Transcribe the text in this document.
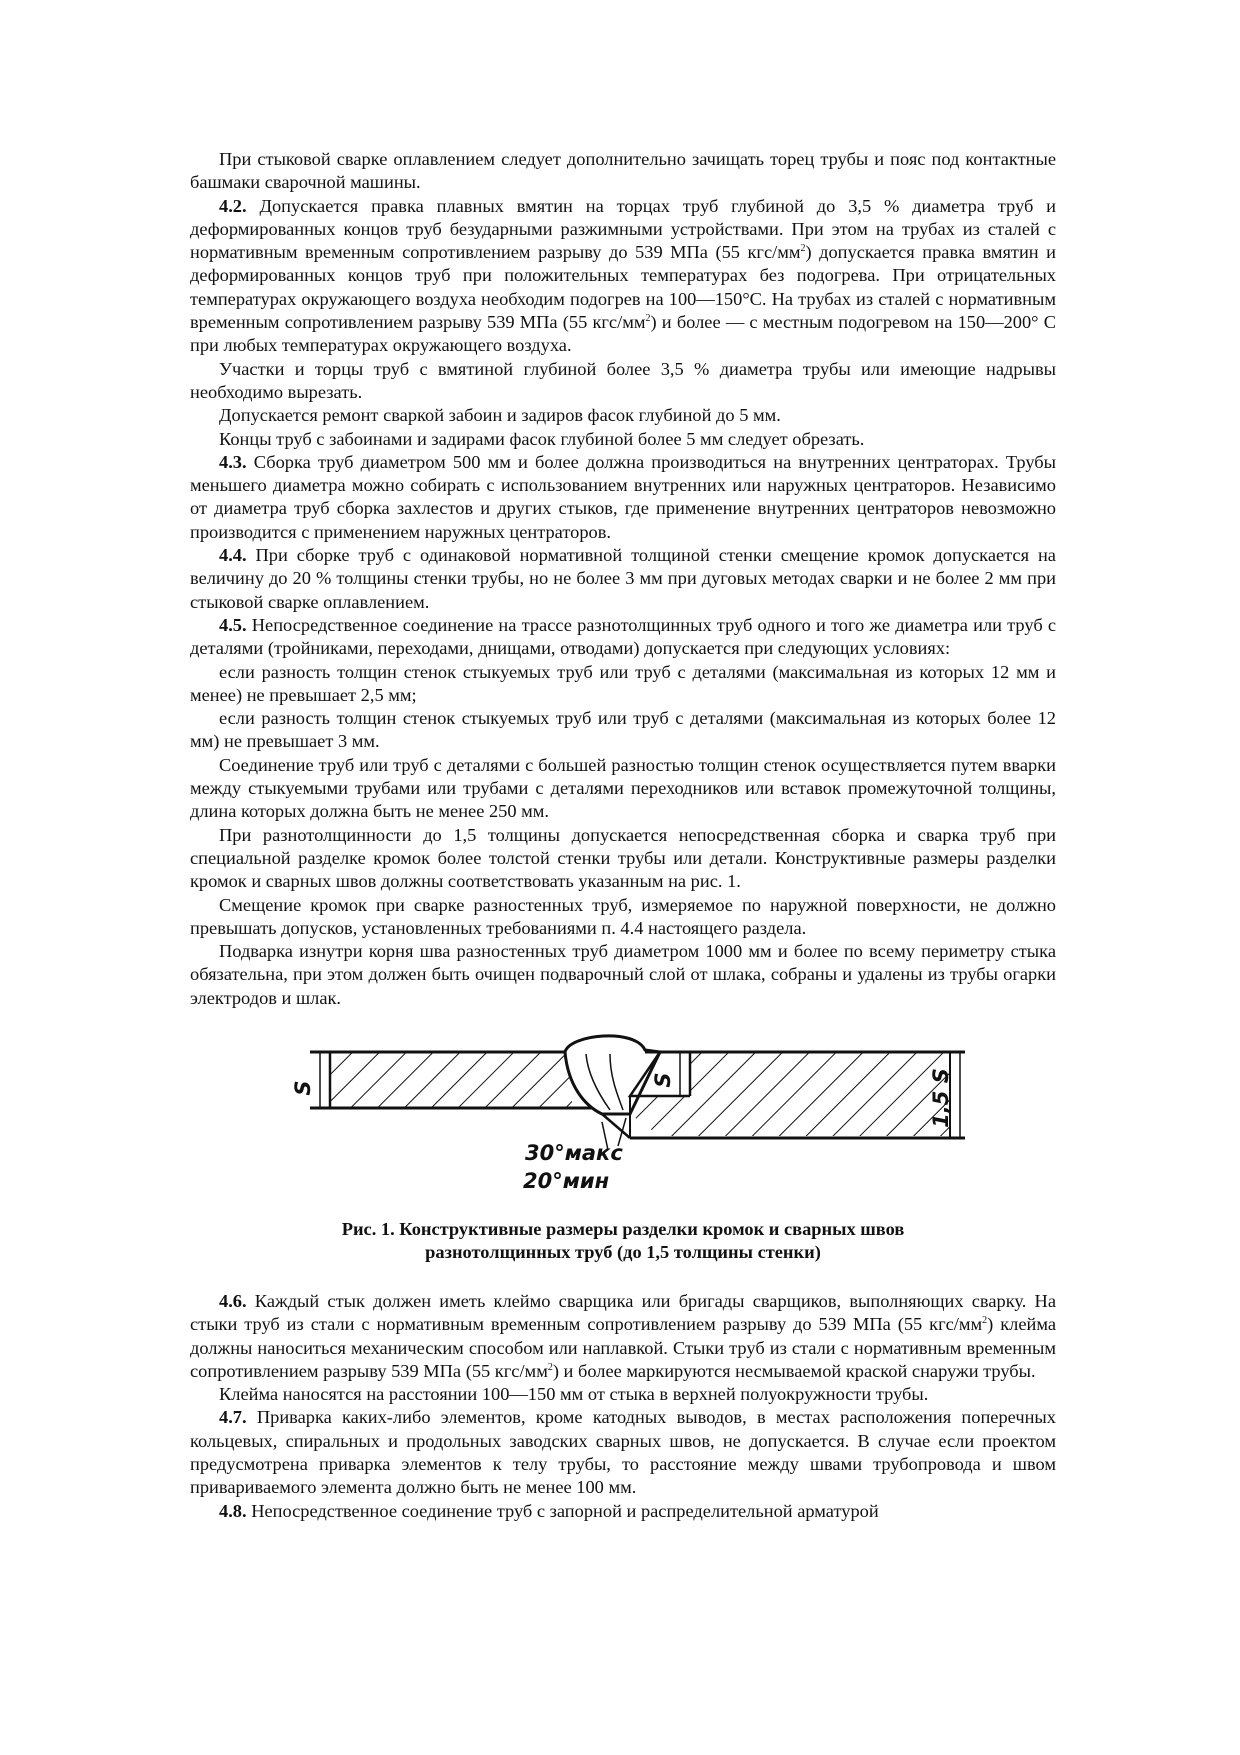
При стыковой сварке оплавлением следует дополнительно зачищать торец трубы и пояс под контактные башмаки сварочной машины.

4.2. Допускается правка плавных вмятин на торцах труб глубиной до 3,5 % диаметра труб и деформированных концов труб безударными разжимными устройствами. При этом на трубах из сталей с нормативным временным сопротивлением разрыву до 539 МПа (55 кгс/$мм^2$) допускается правка вмятин и деформированных концов труб при положительных температурах без подогрева. При отрицательных температурах окружающего воздуха необходим подогрев на 100—150°С. На трубах из сталей с нормативным временным сопротивлением разрыву 539 МПа (55 кгс/$мм^2$) и более — с местным подогревом на 150—200° С при любых температурах окружающего воздуха.

Участки и торцы труб с вмятиной глубиной более 3,5 % диаметра трубы или имеющие надрывы необходимо вырезать.

Допускается ремонт сваркой забоин и задиров фасок глубиной до 5 мм.

Концы труб с забоинами и задирами фасок глубиной более 5 мм следует обрезать.

4.3. Сборка труб диаметром 500 мм и более должна производиться на внутренних центраторах. Трубы меньшего диаметра можно собирать с использованием внутренних или наружных центраторов. Независимо от диаметра труб сборка захлестов и других стыков, где применение внутренних центраторов невозможно производится с применением наружных центраторов.

4.4. При сборке труб с одинаковой нормативной толщиной стенки смещение кромок допускается на величину до 20 % толщины стенки трубы, но не более 3 мм при дуговых методах сварки и не более 2 мм при стыковой сварке оплавлением.

4.5. Непосредственное соединение на трассе разнотолщинных труб одного и того же диаметра или труб с деталями (тройниками, переходами, днищами, отводами) допускается при следующих условиях:

если разность толщин стенок стыкуемых труб или труб с деталями (максимальная из которых 12 мм и менее) не превышает 2,5 мм;

если разность толщин стенок стыкуемых труб или труб с деталями (максимальная из которых более 12 мм) не превышает 3 мм.

Соединение труб или труб с деталями с большей разностью толщин стенок осуществляется путем вварки между стыкуемыми трубами или трубами с деталями переходников или вставок промежуточной толщины, длина которых должна быть не менее 250 мм.

При разнотолщинности до 1,5 толщины допускается непосредственная сборка и сварка труб при специальной разделке кромок более толстой стенки трубы или детали. Конструктивные размеры разделки кромок и сварных швов должны соответствовать указанным на рис. 1.

Смещение кромок при сварке разностенных труб, измеряемое по наружной поверхности, не должно превышать допусков, установленных требованиями п. 4.4 настоящего раздела.

Подварка изнутри корня шва разностенных труб диаметром 1000 мм и более по всему периметру стыка обязательна, при этом должен быть очищен подварочный слой от шлака, собраны и удалены из трубы огарки электродов и шлак.

S
S	1,5 S
30°макс
20°мин
Рис. 1. Конструктивные размеры разделки кромок и сварных швов
разнотолщинных труб (до 1,5 толщины стенки)

4.6. Каждый стык должен иметь клеймо сварщика или бригады сварщиков, выполняющих сварку. На стыки труб из стали с нормативным временным сопротивлением разрыву до 539 МПа (55 кгс/$мм^2$) клейма должны наноситься механическим способом или наплавкой. Стыки труб из стали с нормативным временным сопротивлением разрыву 539 МПа (55 кгс/$мм^2$) и более маркируются несмываемой краской снаружи трубы.

Клейма наносятся на расстоянии 100—150 мм от стыка в верхней полуокружности трубы.

4.7. Приварка каких-либо элементов, кроме катодных выводов, в местах расположения поперечных кольцевых, спиральных и продольных заводских сварных швов, не допускается. В случае если проектом предусмотрена приварка элементов к телу трубы, то расстояние между швами трубопровода и швом привариваемого элемента должно быть не менее 100 мм.

4.8. Непосредственное соединение труб с запорной и распределительной арматурой
